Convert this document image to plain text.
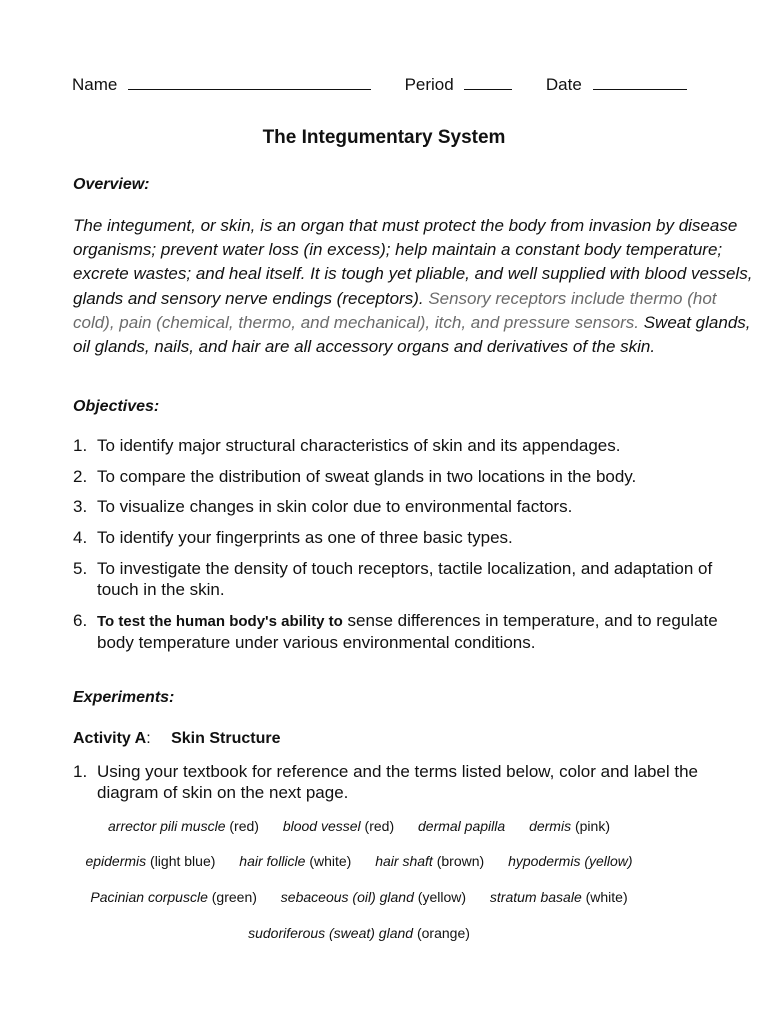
Name	Period	Date
The Integumentary System
Overview:
The integument, or skin, is an organ that must protect the body from invasion by disease organisms; prevent water loss (in excess); help maintain a constant body temperature; excrete wastes; and heal itself. It is tough yet pliable, and well supplied with blood vessels, glands and sensory nerve endings (receptors). Sensory receptors include thermo (hot cold), pain (chemical, thermo, and mechanical), itch, and pressure sensors. Sweat glands, oil glands, nails, and hair are all accessory organs and derivatives of the skin.
Objectives:
1. To identify major structural characteristics of skin and its appendages.
2. To compare the distribution of sweat glands in two locations in the body.
3. To visualize changes in skin color due to environmental factors.
4. To identify your fingerprints as one of three basic types.
5. To investigate the density of touch receptors, tactile localization, and adaptation of touch in the skin.
6. To test the human body's ability to sense differences in temperature, and to regulate body temperature under various environmental conditions.
Experiments:
Activity A: Skin Structure
1. Using your textbook for reference and the terms listed below, color and label the diagram of skin on the next page.
arrector pili muscle (red) blood vessel (red) dermal papilla dermis (pink)
epidermis (light blue) hair follicle (white) hair shaft (brown) hypodermis (yellow)
Pacinian corpuscle (green) sebaceous (oil) gland (yellow) stratum basale (white)
sudoriferous (sweat) gland (orange)
